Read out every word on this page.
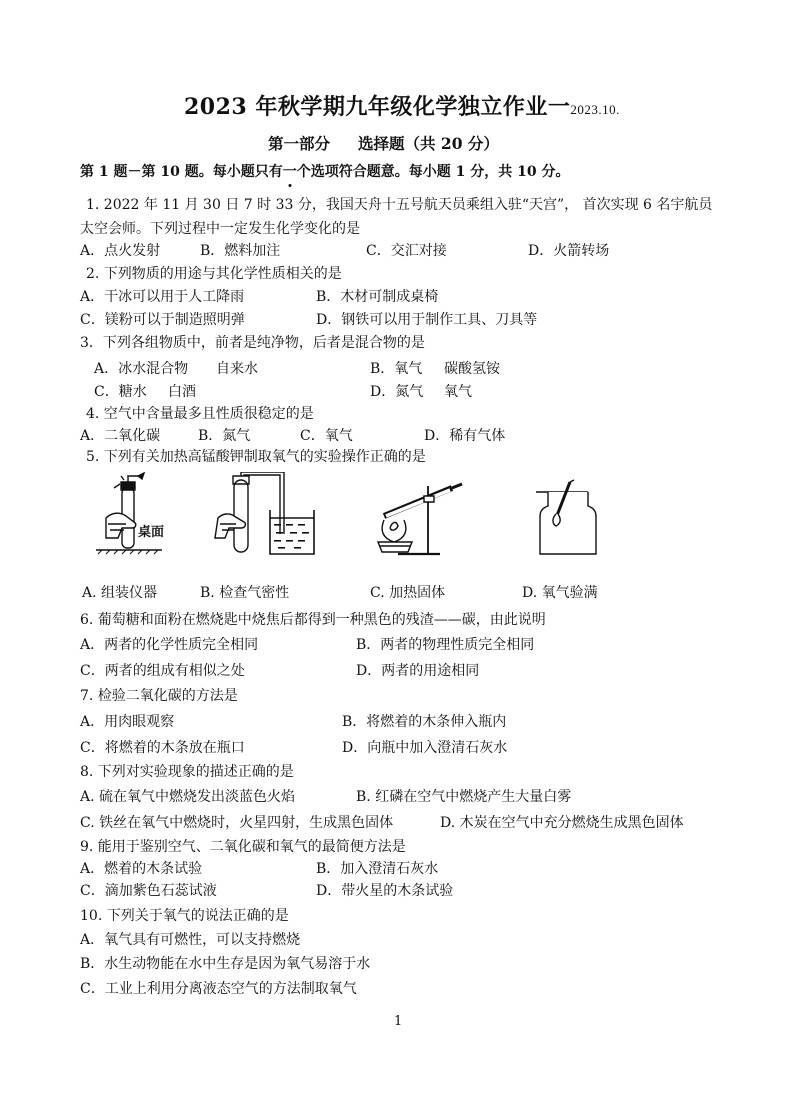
2023 年秋学期九年级化学独立作业一2023.10.
第一部分 选择题（共 20 分）
第 1 题－第 10 题。每小题只有一个选项符合题意。每小题 1 分，共 10 分。
1. 2022 年 11 月 30 日 7 时 33 分，我国天舟十五号航天员乘组入驻“天宫”， 首次实现 6 名宇航员
太空会师。下列过程中一定发生化学变化的是
A．点火发射	B．燃料加注	C．交汇对接	D．火箭转场
2. 下列物质的用途与其化学性质相关的是
A．干冰可以用于人工降雨	B．木材可制成桌椅
C．镁粉可以于制造照明弹	D．钢铁可以用于制作工具、刀具等
3．下列各组物质中，前者是纯净物，后者是混合物的是
A．冰水混合物 自来水	B．氧气 碳酸氢铵
C．糖水 白酒	D．氮气 氧气
4. 空气中含量最多且性质很稳定的是
A．二氧化碳	B．氮气	C．氧气	D．稀有气体
5. 下列有关加热高锰酸钾制取氧气的实验操作正确的是
桌面
A. 组装仪器	B. 检查气密性	C. 加热固体	D. 氧气验满
6. 葡萄糖和面粉在燃烧匙中烧焦后都得到一种黑色的残渣——碳，由此说明
A．两者的化学性质完全相同	B．两者的物理性质完全相同
C．两者的组成有相似之处	D．两者的用途相同
7. 检验二氧化碳的方法是
A．用肉眼观察	B．将燃着的木条伸入瓶内
C．将燃着的木条放在瓶口	D．向瓶中加入澄清石灰水
8. 下列对实验现象的描述正确的是
A. 硫在氧气中燃烧发出淡蓝色火焰	B. 红磷在空气中燃烧产生大量白雾
C. 铁丝在氧气中燃烧时，火星四射，生成黑色固体	D. 木炭在空气中充分燃烧生成黑色固体
9. 能用于鉴别空气、二氧化碳和氧气的最简便方法是
A．燃着的木条试验	B．加入澄清石灰水
C．滴加紫色石蕊试液	D．带火星的木条试验
10. 下列关于氧气的说法正确的是
A．氧气具有可燃性，可以支持燃烧
B．水生动物能在水中生存是因为氧气易溶于水
C．工业上利用分离液态空气的方法制取氧气
1
